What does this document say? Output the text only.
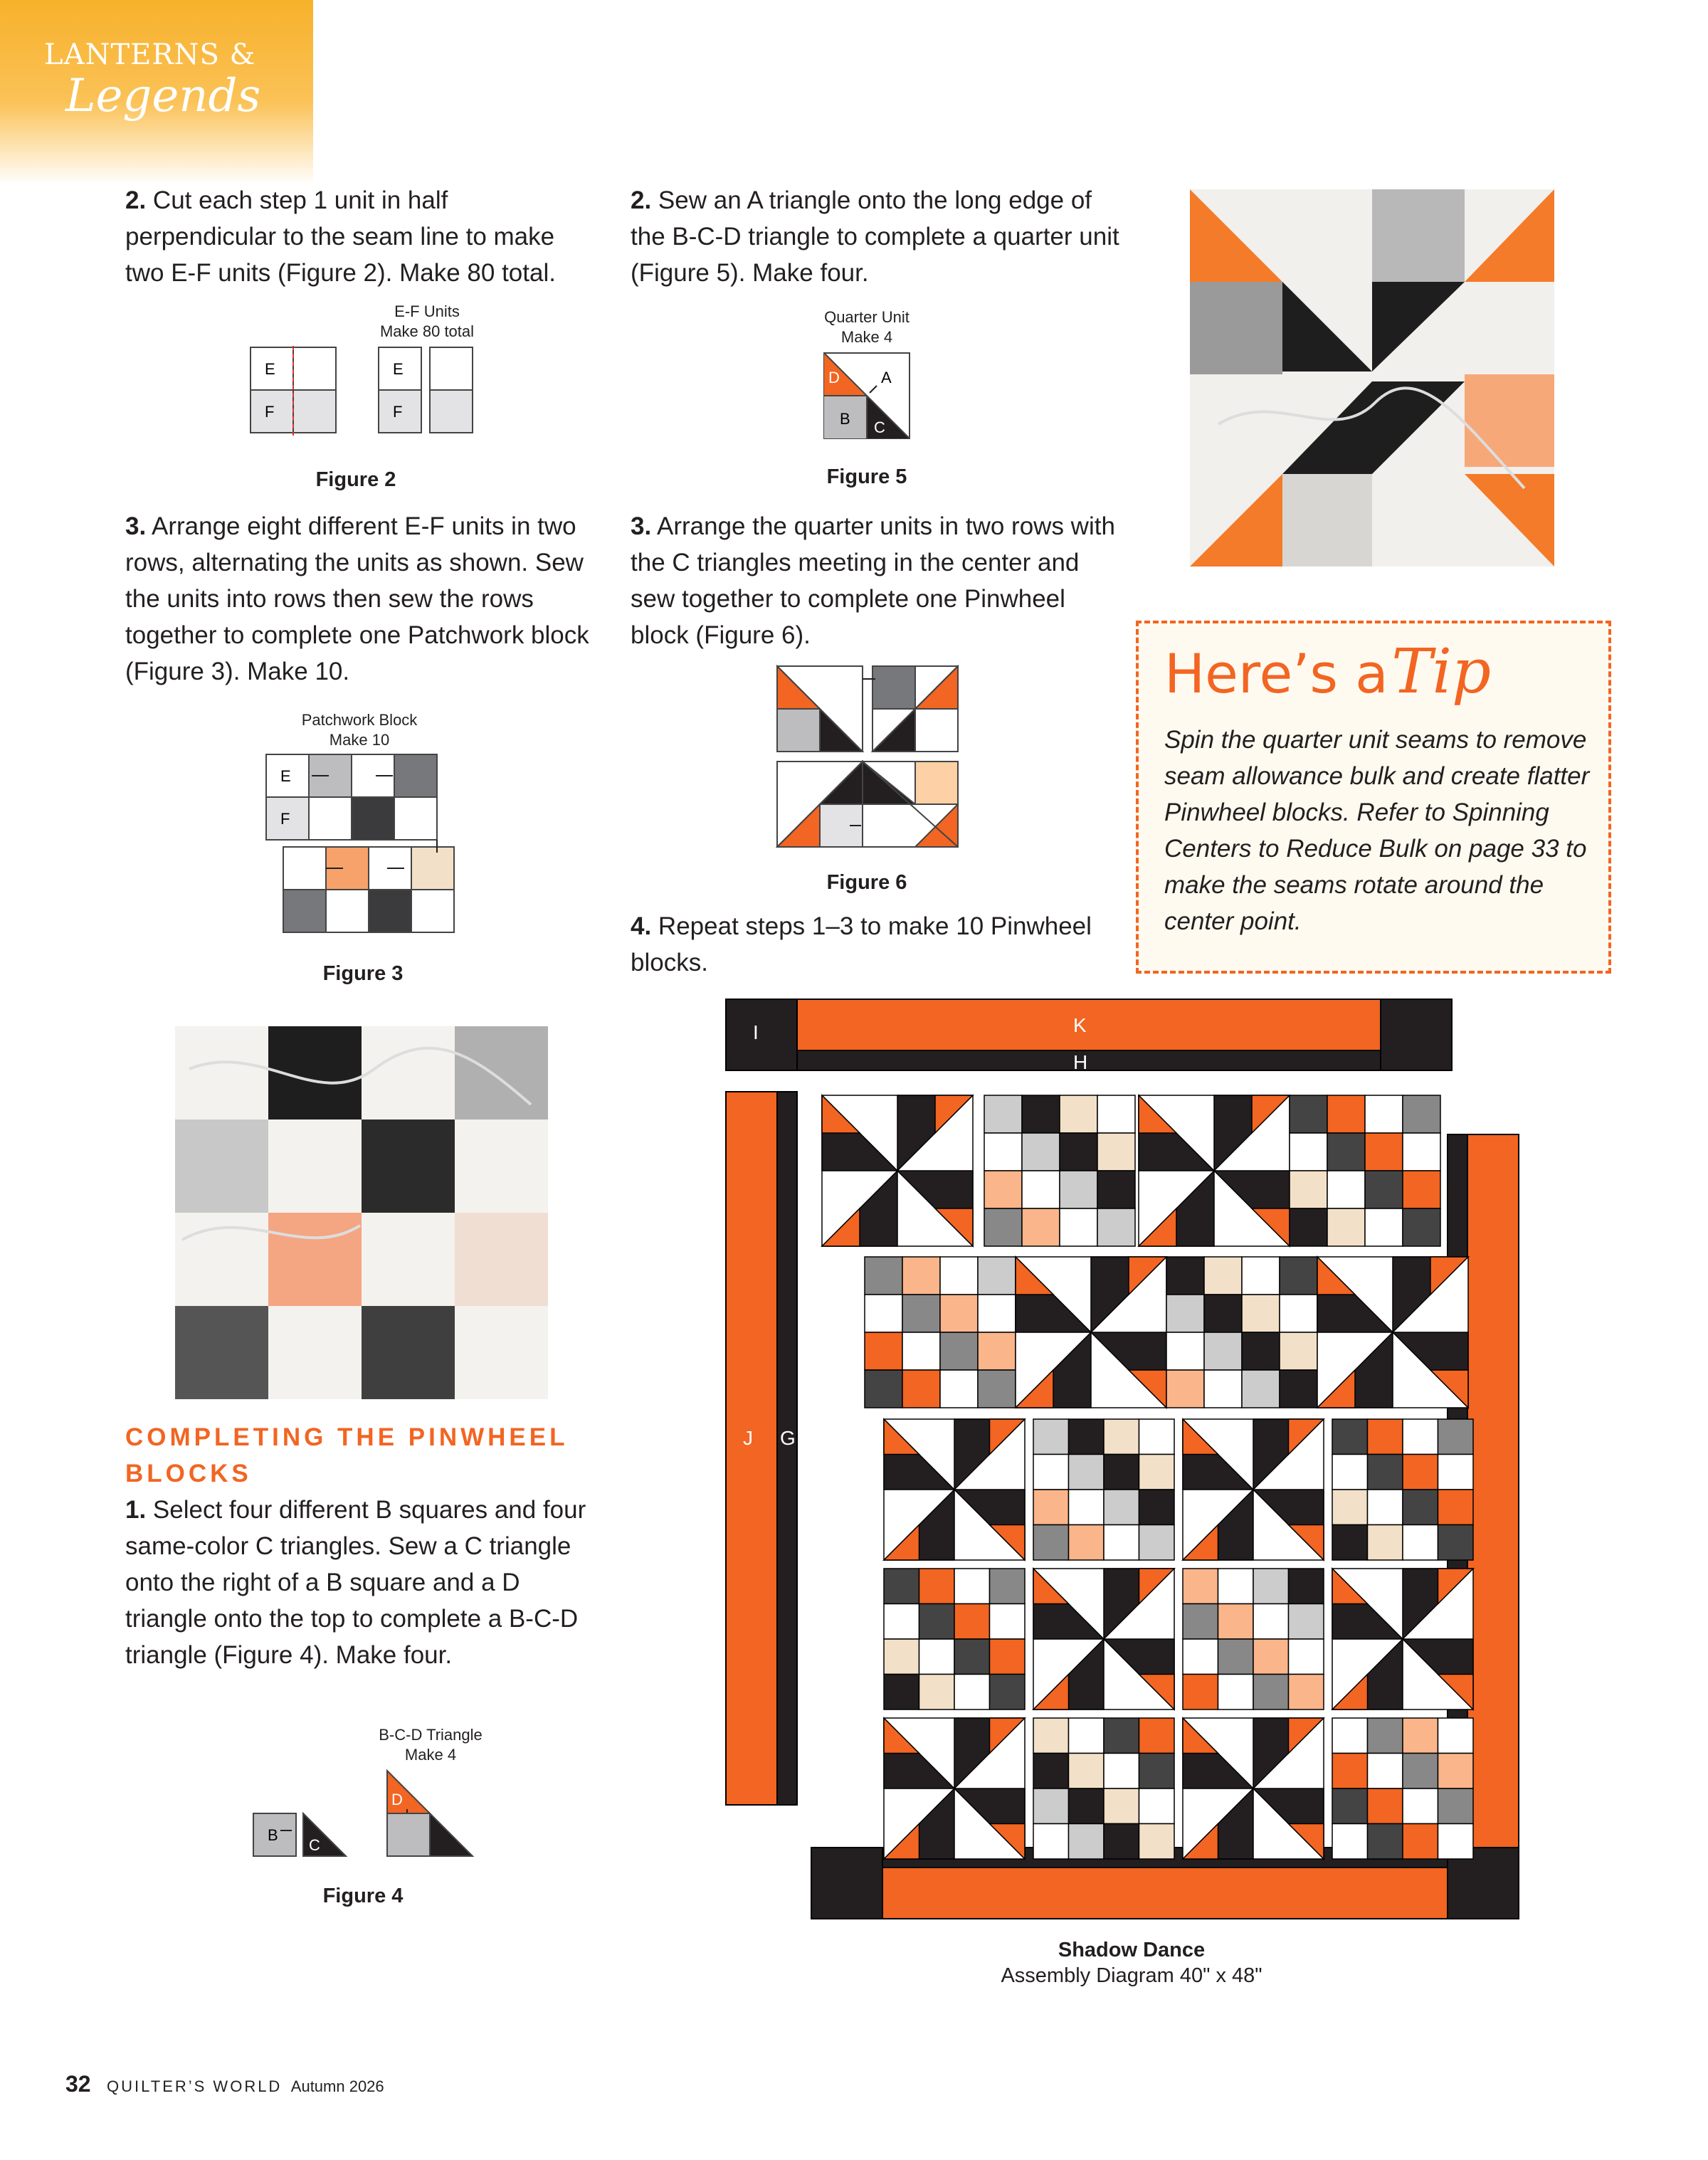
LANTERNS &
Legends
2. Cut each step 1 unit in half perpendicular to the seam line to make two E-F units (Figure 2). Make 80 total.
E-F Units
Make 80 total
E
F
E
F
Figure 2
3. Arrange eight different E-F units in two rows, alternating the units as shown. Sew the units into rows then sew the rows together to complete one Patchwork block (Figure 3). Make 10.
Patchwork Block
Make 10
E
F
Figure 3
COMPLETING THE PINWHEEL
BLOCKS
1. Select four different B squares and four same-color C triangles. Sew a C triangle onto the right of a B square and a D triangle onto the top to complete a B-C-D triangle (Figure 4). Make four.
B-C-D Triangle
Make 4
B
C
D
Figure 4
2. Sew an A triangle onto the long edge of the B-C-D triangle to complete a quarter unit (Figure 5). Make four.
Quarter Unit
Make 4
D	A
B C
Figure 5
3. Arrange the quarter units in two rows with the C triangles meeting in the center and sew together to complete one Pinwheel block (Figure 6).
Figure 6
4. Repeat steps 1–3 to make 10 Pinwheel blocks.
Here’s a Tip
Spin the quarter unit seams to remove seam allowance bulk and create flatter Pinwheel blocks. Refer to Spinning Centers to Reduce Bulk on page 33 to make the seams rotate around the center point.
I	K
H
J G
Shadow Dance
Assembly Diagram 40" x 48"
32 QUILTER’S WORLD Autumn 2026
